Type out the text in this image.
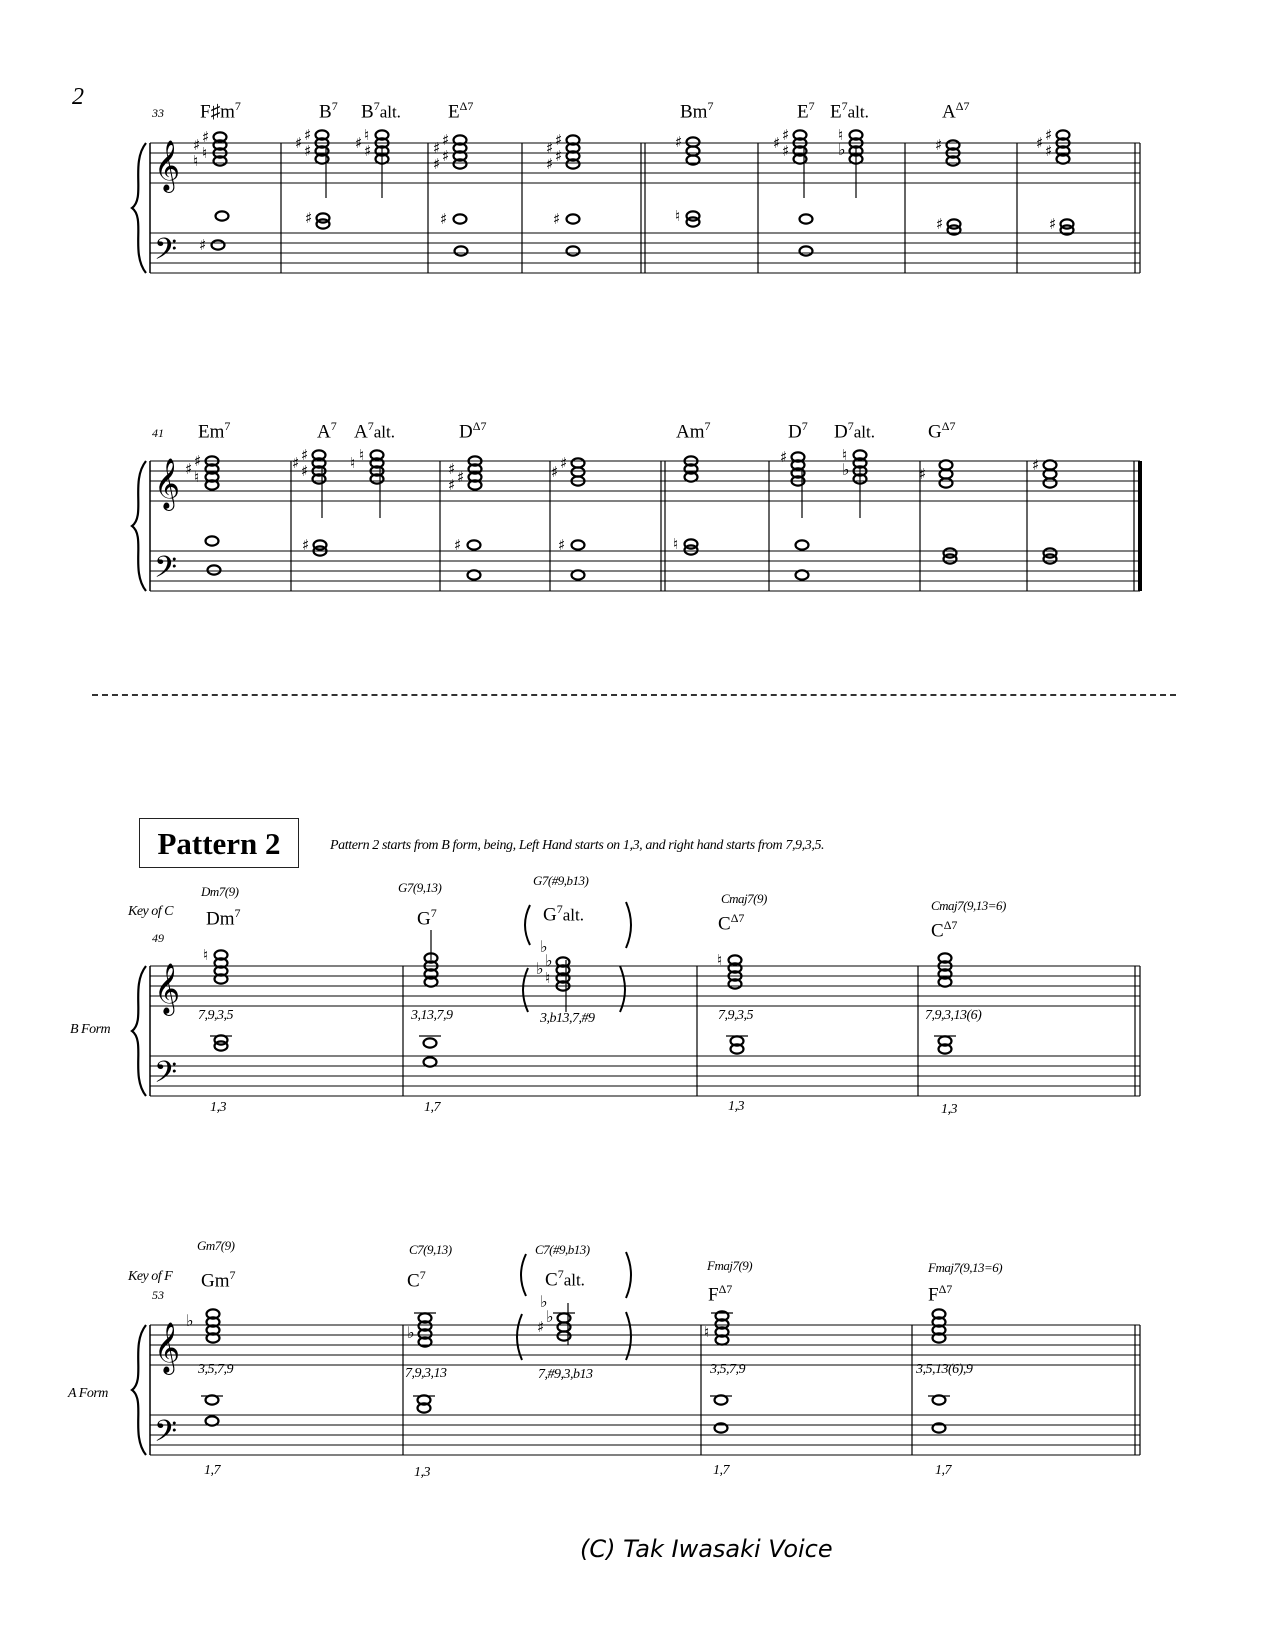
2
33 $F♯m^7$	$B^7$ $B^7alt$. $E^{\Delta 7}$	Bm$^7$	$E^7$ $E^7alt$.	$A^{\Delta 7}$
41 Em$^7$	$A^7$ $A^7alt$.	$D^{\Delta 7}$	Am$^7$	$D^7$ $D^7alt$.	$G^{\Delta 7}$
Pattern 2	Pattern 2 starts from B form, being, Left Hand starts on 1,3, and right hand starts from 7,9,3,5.
Key of C
49
B Form
Dm7(9)
Dm$^7$
7,9,3,5
1,3
G7(9,13)
$G^7$
3,13,7,9
1,7
G7(#9,b13)
$G^7alt$.
3,b13,7,#9
Cmaj7(9)
$C^{\Delta 7}$
7,9,3,5
1,3
Cmaj7(9,13=6)
$C^{\Delta 7}$
7,9,3,13(6)
1,3
Key of F
53
A Form
Gm7(9)
Gm$^7$
3,5,7,9
1,7
C7(9,13)
$C^7$
7,9,3,13
1,3
C7(#9,b13)
$C^7alt$.
7,#9,3,b13
Fmaj7(9)
$F^{\Delta 7}$
3,5,7,9
1,7
Fmaj7(9,13=6)
$F^{\Delta 7}$
3,5,13(6),9
1,7
(C) Tak Iwasaki Voice
𝄞
𝄢
♯
♯ ♮
♮
♯
♯
♯ ♯
♮
♯ ♯
♯
♯
♯ ♯
♯
♯
♯
♯ ♯
♯
♯
♯
♮
♯
♯ ♯
♮
♭	♯
♯
♯
♯ ♯
♯
𝄞
𝄢
♯
♯ ♮
♯
♯ ♯
♮
♮
♯
♯ ♯
♯
♯
♯
♯
♯	♮
♯	♮
♭	♯	♯
𝄞
𝄢
♮	♭
♭ ♮
♭
♮
𝄞
𝄢
♭
♭
♭
♯
♭
♮
